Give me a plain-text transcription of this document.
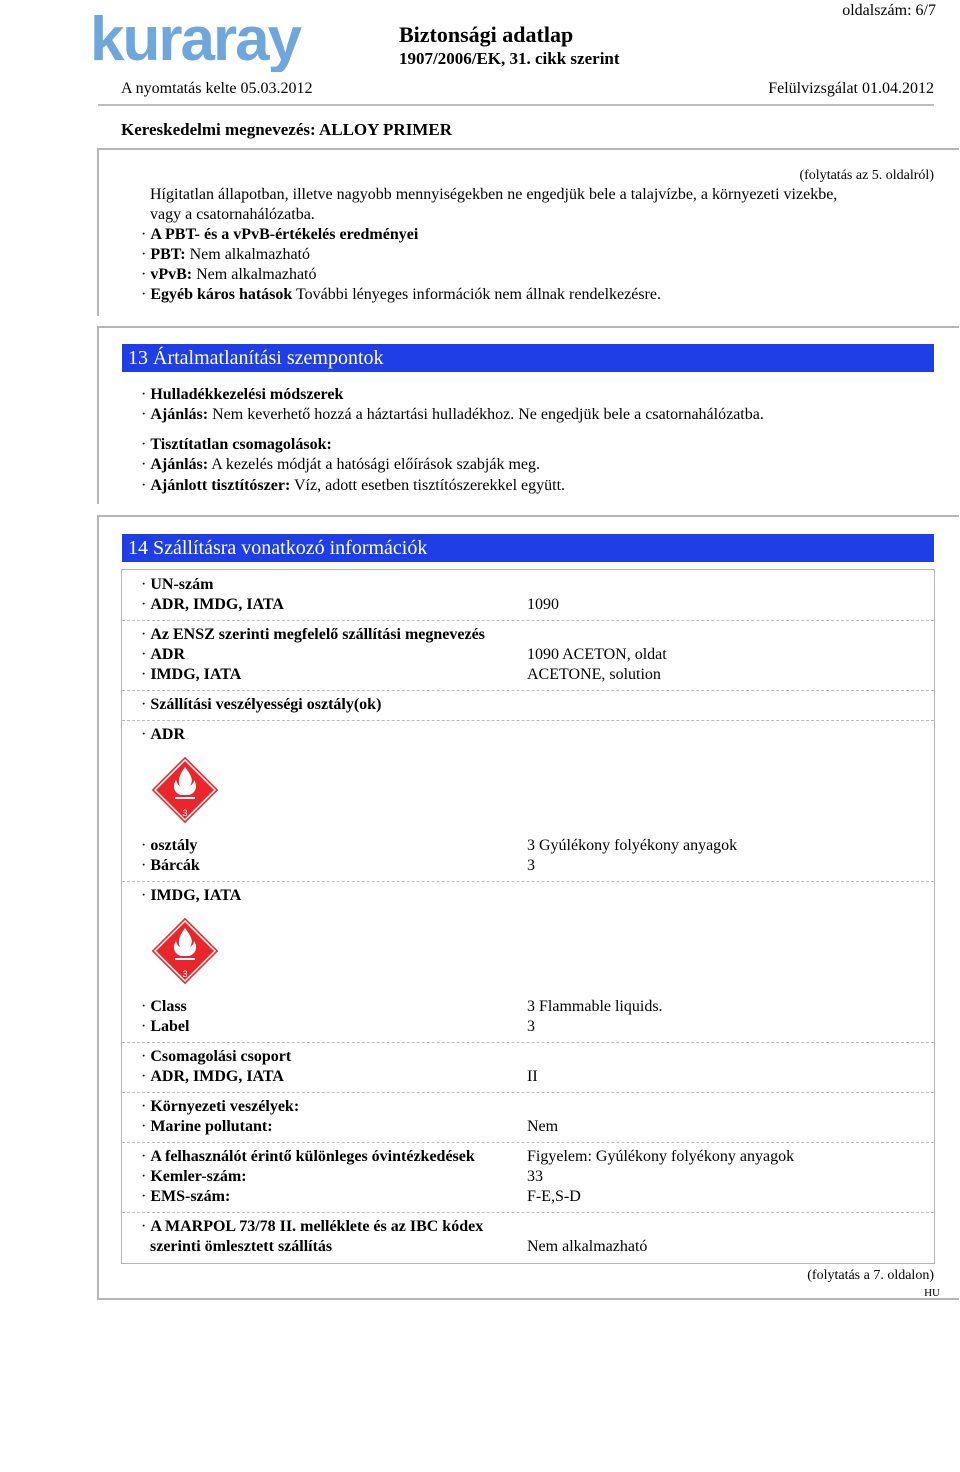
kuraray	oldalszám: 6/7
Biztonsági adatlap
1907/2006/EK, 31. cikk szerint
A nyomtatás kelte 05.03.2012	Felülvizsgálat 01.04.2012
Kereskedelmi megnevezés: ALLOY PRIMER
(folytatás az 5. oldalról)
Hígitatlan állapotban, illetve nagyobb mennyiségekben ne engedjük bele a talajvízbe, a környezeti vizekbe,
vagy a csatornahálózatba.
· A PBT- és a vPvB-értékelés eredményei
· PBT: Nem alkalmazható
· vPvB: Nem alkalmazható
· Egyéb káros hatások További lényeges információk nem állnak rendelkezésre.
13 Ártalmatlanítási szempontok
· Hulladékkezelési módszerek
· Ajánlás: Nem keverhető hozzá a háztartási hulladékhoz. Ne engedjük bele a csatornahálózatba.
· Tisztítatlan csomagolások:
· Ajánlás: A kezelés módját a hatósági előírások szabják meg.
· Ajánlott tisztítószer: Víz, adott esetben tisztítószerekkel együtt.
14 Szállításra vonatkozó információk
· UN-szám
· ADR, IMDG, IATA	1090
· Az ENSZ szerinti megfelelő szállítási megnevezés
· ADR	1090 ACETON, oldat
· IMDG, IATA	ACETONE, solution
· Szállítási veszélyességi osztály(ok)
· ADR
3
· osztály	3 Gyúlékony folyékony anyagok
· Bárcák	3
· IMDG, IATA
3
· Class	3 Flammable liquids.
· Label	3
· Csomagolási csoport
· ADR, IMDG, IATA	II
· Környezeti veszélyek:
· Marine pollutant:	Nem
· A felhasználót érintő különleges óvintézkedések	Figyelem: Gyúlékony folyékony anyagok
· Kemler-szám:	33
· EMS-szám:	F-E,S-D
· A MARPOL 73/78 II. melléklete és az IBC kódex
szerinti ömlesztett szállítás	Nem alkalmazható
(folytatás a 7. oldalon)
HU
